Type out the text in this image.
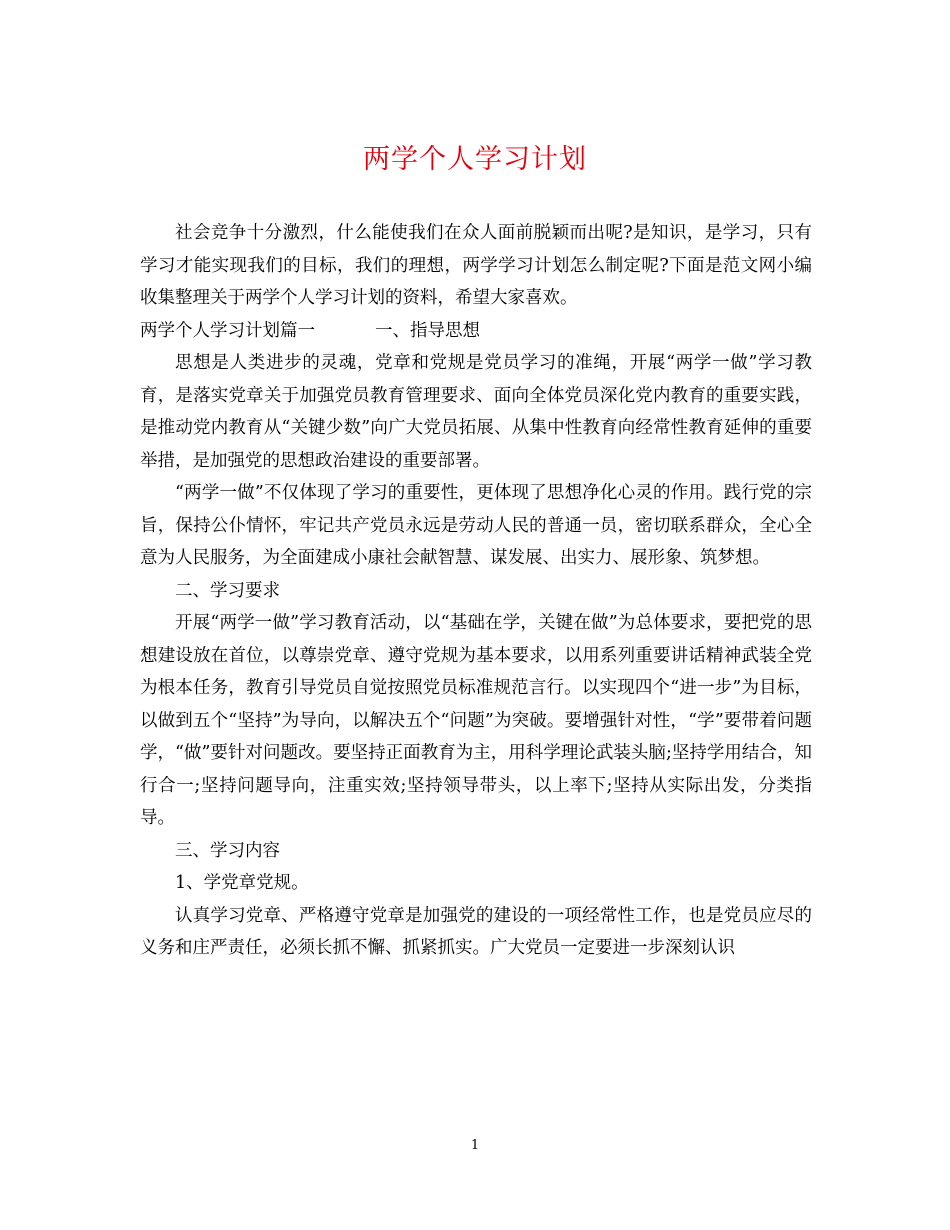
两学个人学习计划

社会竞争十分激烈，什么能使我们在众人面前脱颖而出呢?是知识，是学习，只有学习才能实现我们的目标，我们的理想，两学学习计划怎么制定呢?下面是范文网小编收集整理关于两学个人学习计划的资料，希望大家喜欢。

两学个人学习计划篇一	一、指导思想

思想是人类进步的灵魂，党章和党规是党员学习的准绳，开展“两学一做”学习教育，是落实党章关于加强党员教育管理要求、面向全体党员深化党内教育的重要实践，是推动党内教育从“关键少数”向广大党员拓展、从集中性教育向经常性教育延伸的重要举措，是加强党的思想政治建设的重要部署。

“两学一做”不仅体现了学习的重要性，更体现了思想净化心灵的作用。践行党的宗旨，保持公仆情怀，牢记共产党员永远是劳动人民的普通一员，密切联系群众，全心全意为人民服务，为全面建成小康社会献智慧、谋发展、出实力、展形象、筑梦想。

二、学习要求

开展“两学一做”学习教育活动，以“基础在学，关键在做”为总体要求，要把党的思想建设放在首位，以尊崇党章、遵守党规为基本要求，以用系列重要讲话精神武装全党为根本任务，教育引导党员自觉按照党员标准规范言行。以实现四个“进一步”为目标，以做到五个“坚持”为导向，以解决五个“问题”为突破。要增强针对性，“学”要带着问题学，“做”要针对问题改。要坚持正面教育为主，用科学理论武装头脑;坚持学用结合，知行合一;坚持问题导向，注重实效;坚持领导带头，以上率下;坚持从实际出发，分类指导。

三、学习内容

1、学党章党规。

认真学习党章、严格遵守党章是加强党的建设的一项经常性工作，也是党员应尽的义务和庄严责任，必须长抓不懈、抓紧抓实。广大党员一定要进一步深刻认识

1
